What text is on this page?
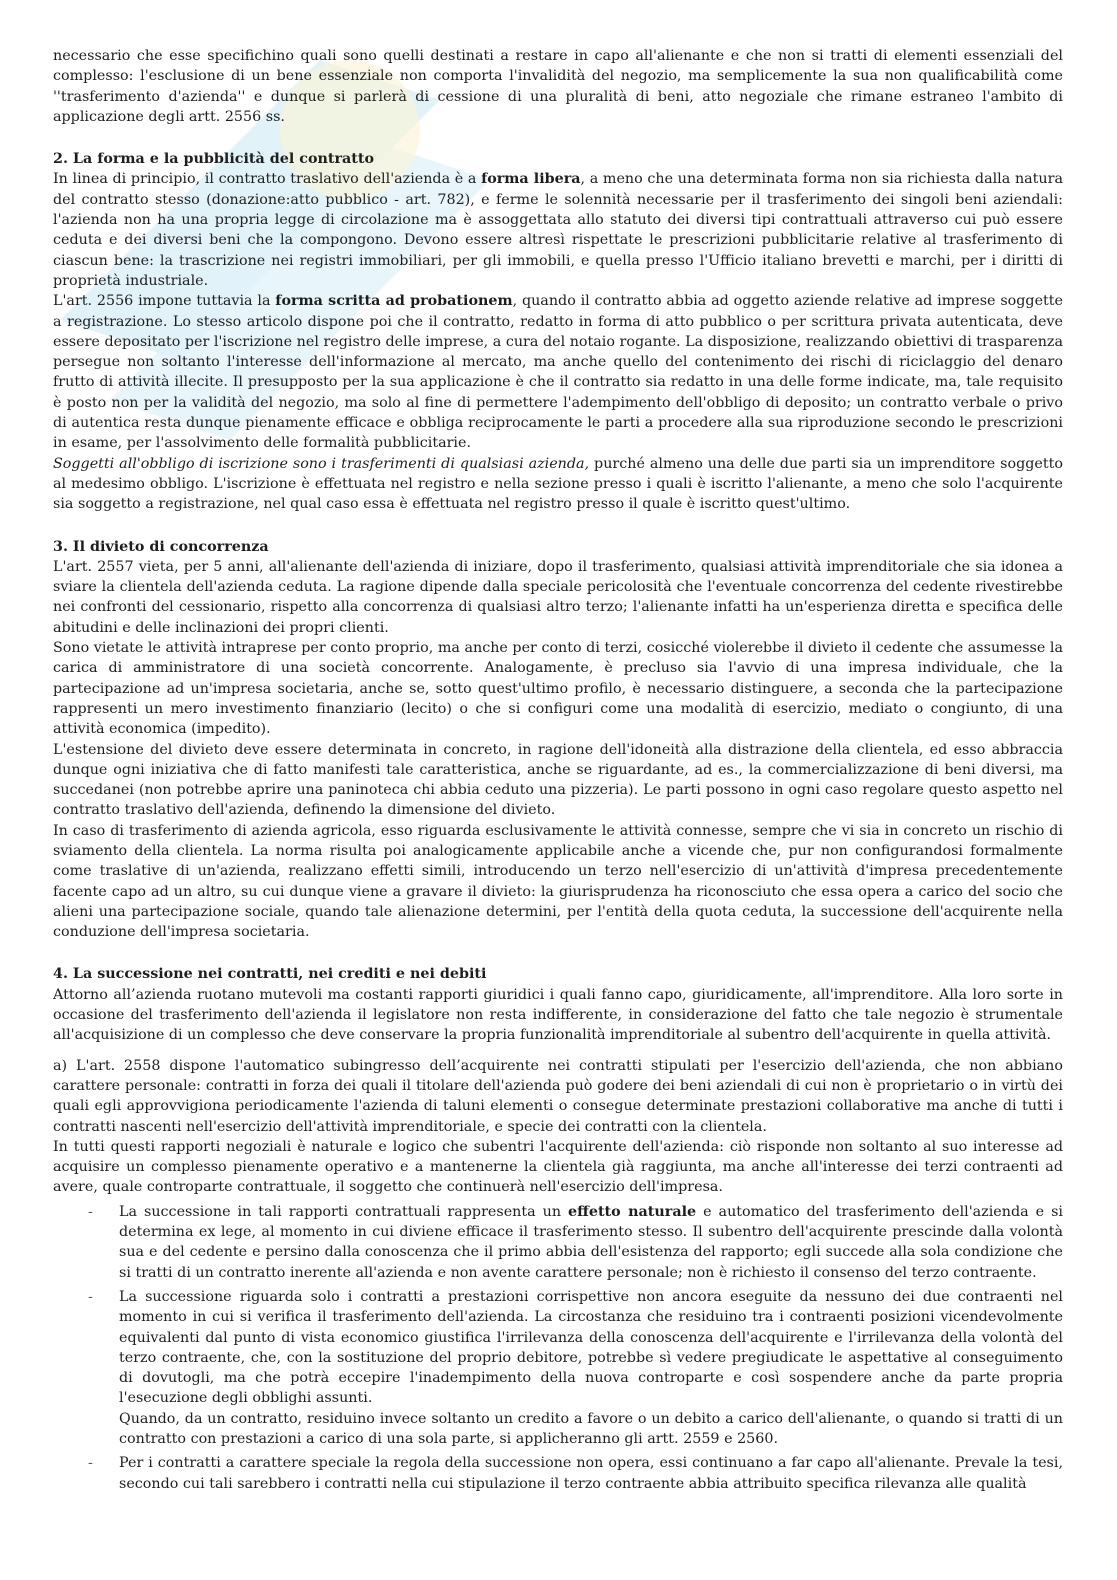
necessario che esse specifichino quali sono quelli destinati a restare in capo all'alienante e che non si tratti di elementi essenziali del complesso: l'esclusione di un bene essenziale non comporta l'invalidità del negozio, ma semplicemente la sua non qualificabilità come ''trasferimento d'azienda'' e dunque si parlerà di cessione di una pluralità di beni, atto negoziale che rimane estraneo l'ambito di applicazione degli artt. 2556 ss.

2. La forma e la pubblicità del contratto

In linea di principio, il contratto traslativo dell'azienda è a forma libera, a meno che una determinata forma non sia richiesta dalla natura del contratto stesso (donazione:atto pubblico - art. 782), e ferme le solennità necessarie per il trasferimento dei singoli beni aziendali: l'azienda non ha una propria legge di circolazione ma è assoggettata allo statuto dei diversi tipi contrattuali attraverso cui può essere ceduta e dei diversi beni che la compongono. Devono essere altresì rispettate le prescrizioni pubblicitarie relative al trasferimento di ciascun bene: la trascrizione nei registri immobiliari, per gli immobili, e quella presso l'Ufficio italiano brevetti e marchi, per i diritti di proprietà industriale.

L'art. 2556 impone tuttavia la forma scritta ad probationem, quando il contratto abbia ad oggetto aziende relative ad imprese soggette a registrazione. Lo stesso articolo dispone poi che il contratto, redatto in forma di atto pubblico o per scrittura privata autenticata, deve essere depositato per l'iscrizione nel registro delle imprese, a cura del notaio rogante. La disposizione, realizzando obiettivi di trasparenza persegue non soltanto l'interesse dell'informazione al mercato, ma anche quello del contenimento dei rischi di riciclaggio del denaro frutto di attività illecite. Il presupposto per la sua applicazione è che il contratto sia redatto in una delle forme indicate, ma, tale requisito è posto non per la validità del negozio, ma solo al fine di permettere l'adempimento dell'obbligo di deposito; un contratto verbale o privo di autentica resta dunque pienamente efficace e obbliga reciprocamente le parti a procedere alla sua riproduzione secondo le prescrizioni in esame, per l'assolvimento delle formalità pubblicitarie.

Soggetti all'obbligo di iscrizione sono i trasferimenti di qualsiasi azienda, purché almeno una delle due parti sia un imprenditore soggetto al medesimo obbligo. L'iscrizione è effettuata nel registro e nella sezione presso i quali è iscritto l'alienante, a meno che solo l'acquirente sia soggetto a registrazione, nel qual caso essa è effettuata nel registro presso il quale è iscritto quest'ultimo.

3. Il divieto di concorrenza

L'art. 2557 vieta, per 5 anni, all'alienante dell'azienda di iniziare, dopo il trasferimento, qualsiasi attività imprenditoriale che sia idonea a sviare la clientela dell'azienda ceduta. La ragione dipende dalla speciale pericolosità che l'eventuale concorrenza del cedente rivestirebbe nei confronti del cessionario, rispetto alla concorrenza di qualsiasi altro terzo; l'alienante infatti ha un'esperienza diretta e specifica delle abitudini e delle inclinazioni dei propri clienti.

Sono vietate le attività intraprese per conto proprio, ma anche per conto di terzi, cosicché violerebbe il divieto il cedente che assumesse la carica di amministratore di una società concorrente. Analogamente, è precluso sia l'avvio di una impresa individuale, che la partecipazione ad un'impresa societaria, anche se, sotto quest'ultimo profilo, è necessario distinguere, a seconda che la partecipazione rappresenti un mero investimento finanziario (lecito) o che si configuri come una modalità di esercizio, mediato o congiunto, di una attività economica (impedito).

L'estensione del divieto deve essere determinata in concreto, in ragione dell'idoneità alla distrazione della clientela, ed esso abbraccia dunque ogni iniziativa che di fatto manifesti tale caratteristica, anche se riguardante, ad es., la commercializzazione di beni diversi, ma succedanei (non potrebbe aprire una paninoteca chi abbia ceduto una pizzeria). Le parti possono in ogni caso regolare questo aspetto nel contratto traslativo dell'azienda, definendo la dimensione del divieto.

In caso di trasferimento di azienda agricola, esso riguarda esclusivamente le attività connesse, sempre che vi sia in concreto un rischio di sviamento della clientela. La norma risulta poi analogicamente applicabile anche a vicende che, pur non configurandosi formalmente come traslative di un'azienda, realizzano effetti simili, introducendo un terzo nell'esercizio di un'attività d'impresa precedentemente facente capo ad un altro, su cui dunque viene a gravare il divieto: la giurisprudenza ha riconosciuto che essa opera a carico del socio che alieni una partecipazione sociale, quando tale alienazione determini, per l'entità della quota ceduta, la successione dell'acquirente nella conduzione dell'impresa societaria.

4. La successione nei contratti, nei crediti e nei debiti

Attorno all’azienda ruotano mutevoli ma costanti rapporti giuridici i quali fanno capo, giuridicamente, all'imprenditore. Alla loro sorte in occasione del trasferimento dell'azienda il legislatore non resta indifferente, in considerazione del fatto che tale negozio è strumentale all'acquisizione di un complesso che deve conservare la propria funzionalità imprenditoriale al subentro dell'acquirente in quella attività.

a) L'art. 2558 dispone l'automatico subingresso dell’acquirente nei contratti stipulati per l'esercizio dell'azienda, che non abbiano carattere personale: contratti in forza dei quali il titolare dell'azienda può godere dei beni aziendali di cui non è proprietario o in virtù dei quali egli approvvigiona periodicamente l'azienda di taluni elementi o consegue determinate prestazioni collaborative ma anche di tutti i contratti nascenti nell'esercizio dell'attività imprenditoriale, e specie dei contratti con la clientela.

In tutti questi rapporti negoziali è naturale e logico che subentri l'acquirente dell'azienda: ciò risponde non soltanto al suo interesse ad acquisire un complesso pienamente operativo e a mantenerne la clientela già raggiunta, ma anche all'interesse dei terzi contraenti ad avere, quale controparte contrattuale, il soggetto che continuerà nell'esercizio dell'impresa.

- La successione in tali rapporti contrattuali rappresenta un effetto naturale e automatico del trasferimento dell'azienda e si determina ex lege, al momento in cui diviene efficace il trasferimento stesso. Il subentro dell'acquirente prescinde dalla volontà sua e del cedente e persino dalla conoscenza che il primo abbia dell'esistenza del rapporto; egli succede alla sola condizione che si tratti di un contratto inerente all'azienda e non avente carattere personale; non è richiesto il consenso del terzo contraente.
- La successione riguarda solo i contratti a prestazioni corrispettive non ancora eseguite da nessuno dei due contraenti nel momento in cui si verifica il trasferimento dell'azienda. La circostanza che residuino tra i contraenti posizioni vicendevolmente equivalenti dal punto di vista economico giustifica l'irrilevanza della conoscenza dell'acquirente e l'irrilevanza della volontà del terzo contraente, che, con la sostituzione del proprio debitore, potrebbe sì vedere pregiudicate le aspettative al conseguimento di dovutogli, ma che potrà eccepire l'inadempimento della nuova controparte e così sospendere anche da parte propria l'esecuzione degli obblighi assunti.

Quando, da un contratto, residuino invece soltanto un credito a favore o un debito a carico dell'alienante, o quando si tratti di un contratto con prestazioni a carico di una sola parte, si applicheranno gli artt. 2559 e 2560.

- Per i contratti a carattere speciale la regola della successione non opera, essi continuano a far capo all'alienante. Prevale la tesi, secondo cui tali sarebbero i contratti nella cui stipulazione il terzo contraente abbia attribuito specifica rilevanza alle qualità
